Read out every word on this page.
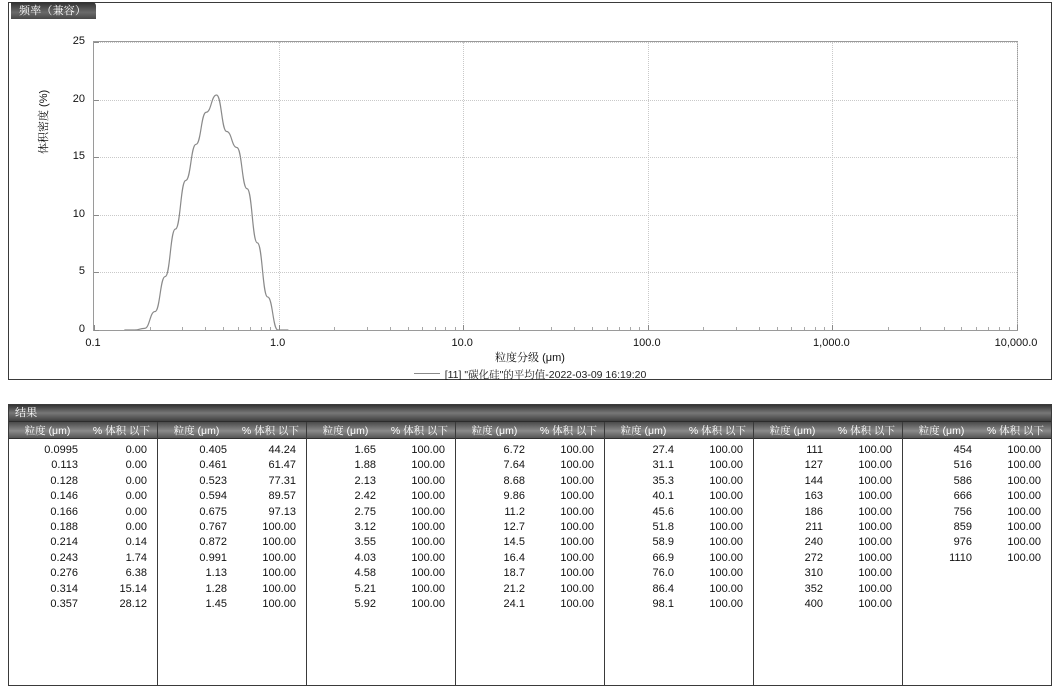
频率（兼容）
体积密度 (%)
0.1	1.0	10.0	100.0	1,000.0	10,000.0
0
5
10
15
20
25
粒度分级 (μm)
[11] "碳化硅"的平均值-2022-03-09 16:19:20
结果
粒度 (μm)	% 体积 以下
0.0995	0.00
0.113	0.00
0.128	0.00
0.146	0.00
0.166	0.00
0.188	0.00
0.214	0.14
0.243	1.74
0.276	6.38
0.314	15.14
0.357	28.12
粒度 (μm)	% 体积 以下
0.405	44.24
0.461	61.47
0.523	77.31
0.594	89.57
0.675	97.13
0.767	100.00
0.872	100.00
0.991	100.00
1.13	100.00
1.28	100.00
1.45	100.00
粒度 (μm)	% 体积 以下
1.65	100.00
1.88	100.00
2.13	100.00
2.42	100.00
2.75	100.00
3.12	100.00
3.55	100.00
4.03	100.00
4.58	100.00
5.21	100.00
5.92	100.00
粒度 (μm)	% 体积 以下
6.72	100.00
7.64	100.00
8.68	100.00
9.86	100.00
11.2	100.00
12.7	100.00
14.5	100.00
16.4	100.00
18.7	100.00
21.2	100.00
24.1	100.00
粒度 (μm)	% 体积 以下
27.4	100.00
31.1	100.00
35.3	100.00
40.1	100.00
45.6	100.00
51.8	100.00
58.9	100.00
66.9	100.00
76.0	100.00
86.4	100.00
98.1	100.00
粒度 (μm)	% 体积 以下
111	100.00
127	100.00
144	100.00
163	100.00
186	100.00
211	100.00
240	100.00
272	100.00
310	100.00
352	100.00
400	100.00
粒度 (μm)	% 体积 以下
454	100.00
516	100.00
586	100.00
666	100.00
756	100.00
859	100.00
976	100.00
1110	100.00
